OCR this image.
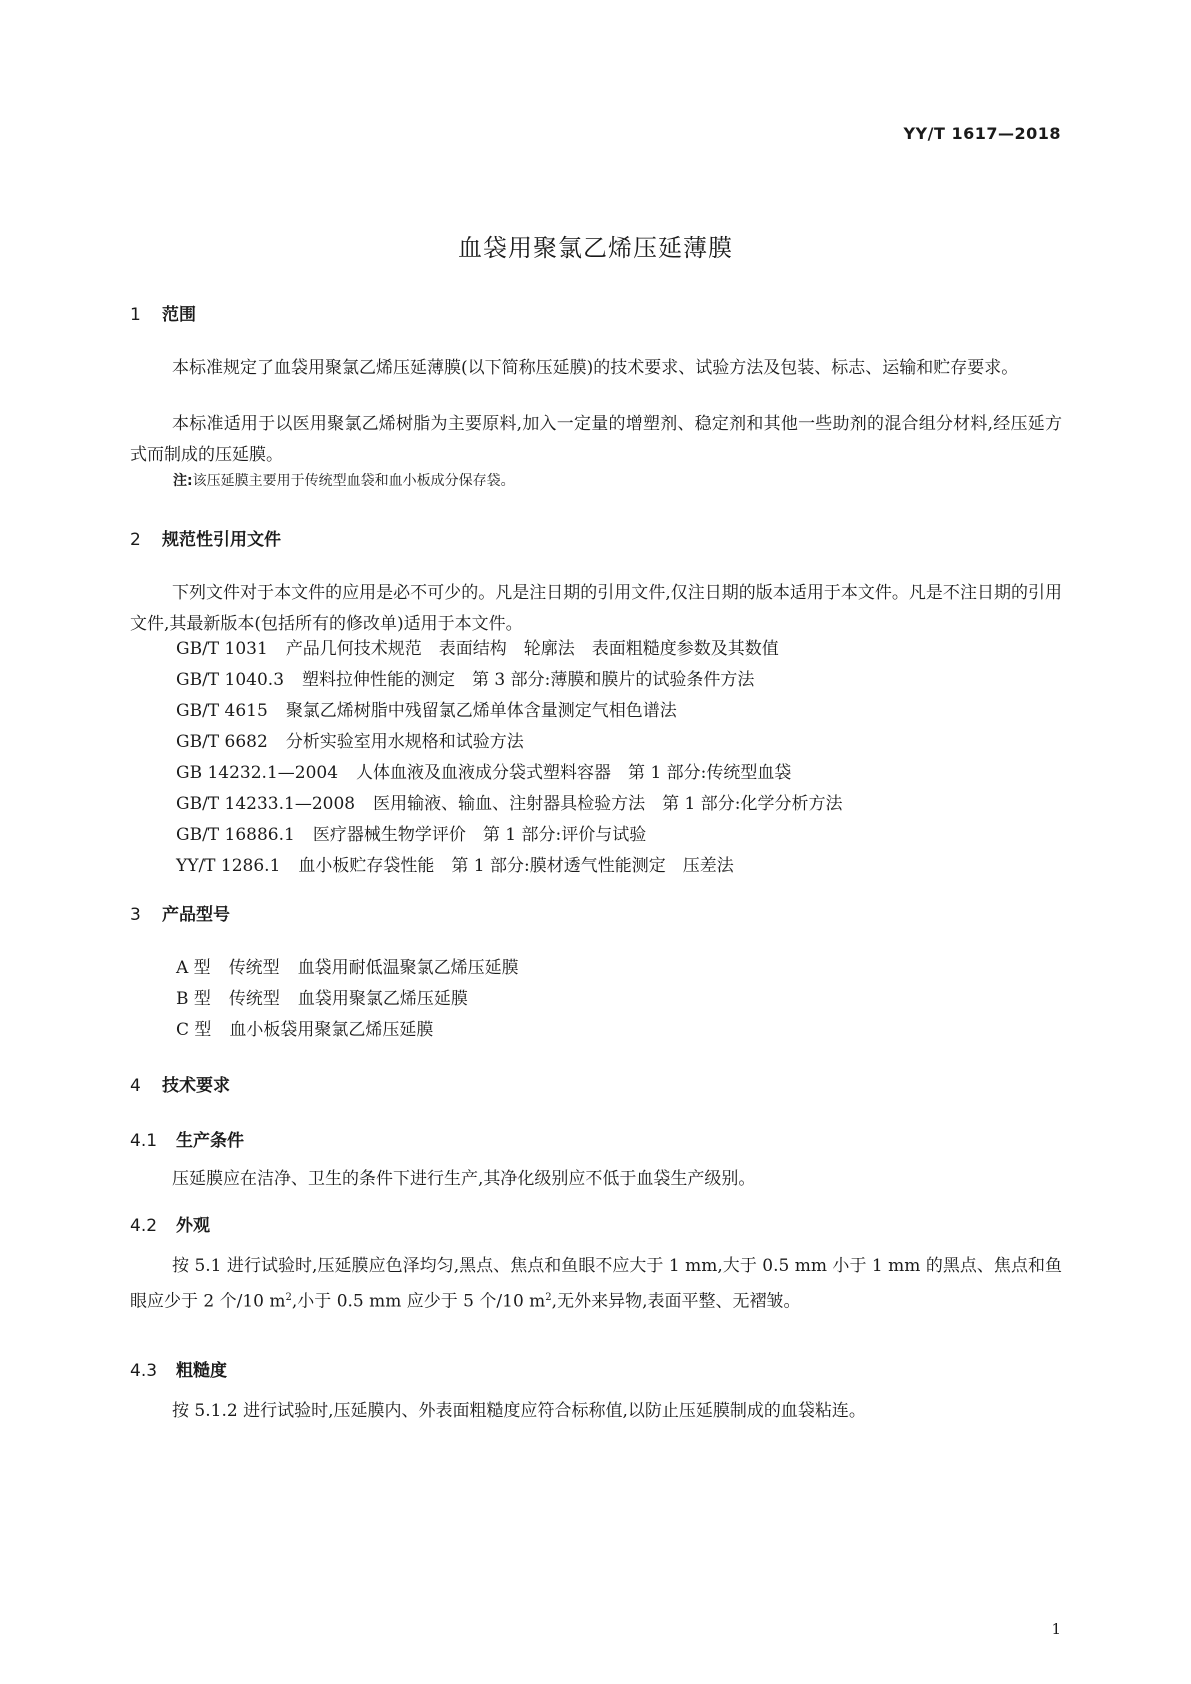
YY/T 1617—2018
血袋用聚氯乙烯压延薄膜
1 范围
本标准规定了血袋用聚氯乙烯压延薄膜(以下简称压延膜)的技术要求、试验方法及包装、标志、运输和贮存要求。
本标准适用于以医用聚氯乙烯树脂为主要原料,加入一定量的增塑剂、稳定剂和其他一些助剂的混合组分材料,经压延方式而制成的压延膜。
注:该压延膜主要用于传统型血袋和血小板成分保存袋。
2 规范性引用文件
下列文件对于本文件的应用是必不可少的。凡是注日期的引用文件,仅注日期的版本适用于本文件。凡是不注日期的引用文件,其最新版本(包括所有的修改单)适用于本文件。
GB/T 1031 产品几何技术规范　表面结构　轮廓法　表面粗糙度参数及其数值
GB/T 1040.3 塑料拉伸性能的测定　第 3 部分:薄膜和膜片的试验条件方法
GB/T 4615 聚氯乙烯树脂中残留氯乙烯单体含量测定气相色谱法
GB/T 6682 分析实验室用水规格和试验方法
GB 14232.1—2004 人体血液及血液成分袋式塑料容器　第 1 部分:传统型血袋
GB/T 14233.1—2008 医用输液、输血、注射器具检验方法　第 1 部分:化学分析方法
GB/T 16886.1 医疗器械生物学评价　第 1 部分:评价与试验
YY/T 1286.1 血小板贮存袋性能　第 1 部分:膜材透气性能测定　压差法
3 产品型号
A 型 传统型 血袋用耐低温聚氯乙烯压延膜
B 型 传统型 血袋用聚氯乙烯压延膜
C 型 血小板袋用聚氯乙烯压延膜
4 技术要求
4.1 生产条件
压延膜应在洁净、卫生的条件下进行生产,其净化级别应不低于血袋生产级别。
4.2 外观
按 5.1 进行试验时,压延膜应色泽均匀,黑点、焦点和鱼眼不应大于 1 mm,大于 0.5 mm 小于 1 mm 的黑点、焦点和鱼眼应少于 2 个/10 $m^2$,小于 0.5 mm 应少于 5 个/10 $m^2$,无外来异物,表面平整、无褶皱。
4.3 粗糙度
按 5.1.2 进行试验时,压延膜内、外表面粗糙度应符合标称值,以防止压延膜制成的血袋粘连。
1
